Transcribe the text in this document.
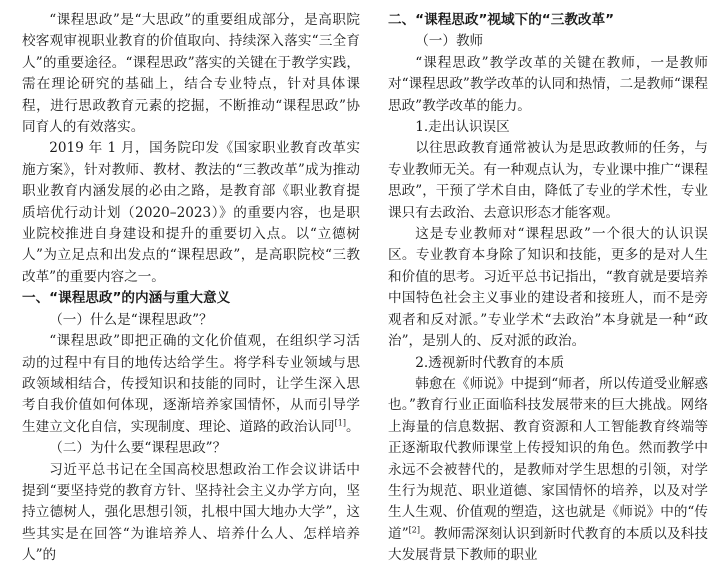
“课程思政”是“大思政”的重要组成部分，是高职院校客观审视职业教育的价值取向、持续深入落实“三全育人”的重要途径。“课程思政”落实的关键在于教学实践，需在理论研究的基础上，结合专业特点，针对具体课程，进行思政教育元素的挖掘，不断推动“课程思政”协同育人的有效落实。

2019 年 1 月，国务院印发《国家职业教育改革实施方案》，针对教师、教材、教法的“三教改革”成为推动职业教育内涵发展的必由之路，是教育部《职业教育提质培优行动计划（2020–2023）》的重要内容，也是职业院校推进自身建设和提升的重要切入点。以“立德树人”为立足点和出发点的“课程思政”，是高职院校“三教改革”的重要内容之一。

一、“课程思政”的内涵与重大意义
（一）什么是“课程思政”？

“课程思政”即把正确的文化价值观，在组织学习活动的过程中有目的地传达给学生。将学科专业领域与思政领域相结合，传授知识和技能的同时，让学生深入思考自我价值如何体现，逐渐培养家国情怀，从而引导学生建立文化自信，实现制度、理论、道路的政治认同[1]。

（二）为什么要“课程思政”？

习近平总书记在全国高校思想政治工作会议讲话中提到“要坚持党的教育方针、坚持社会主义办学方向，坚持立德树人，强化思想引领，扎根中国大地办大学”，这些其实是在回答“为谁培养人、培养什么人、怎样培养人”的

二、“课程思政”视域下的“三教改革”
（一）教师

“课程思政”教学改革的关键在教师，一是教师对“课程思政”教学改革的认同和热情，二是教师“课程思政”教学改革的能力。

1.走出认识误区

以往思政教育通常被认为是思政教师的任务，与专业教师无关。有一种观点认为，专业课中推广“课程思政”，干预了学术自由，降低了专业的学术性，专业课只有去政治、去意识形态才能客观。

这是专业教师对“课程思政”一个很大的认识误区。专业教育本身除了知识和技能，更多的是对人生和价值的思考。习近平总书记指出，“教育就是要培养中国特色社会主义事业的建设者和接班人，而不是旁观者和反对派。”专业学术“去政治”本身就是一种“政治”，是别人的、反对派的政治。

2.透视新时代教育的本质

韩愈在《师说》中提到“师者，所以传道受业解惑也。”教育行业正面临科技发展带来的巨大挑战。网络上海量的信息数据、教育资源和人工智能教育终端等正逐渐取代教师课堂上传授知识的角色。然而教学中永远不会被替代的，是教师对学生思想的引领，对学生行为规范、职业道德、家国情怀的培养，以及对学生人生观、价值观的塑造，这也就是《师说》中的“传道”[2]。教师需深刻认识到新时代教育的本质以及科技大发展背景下教师的职业
